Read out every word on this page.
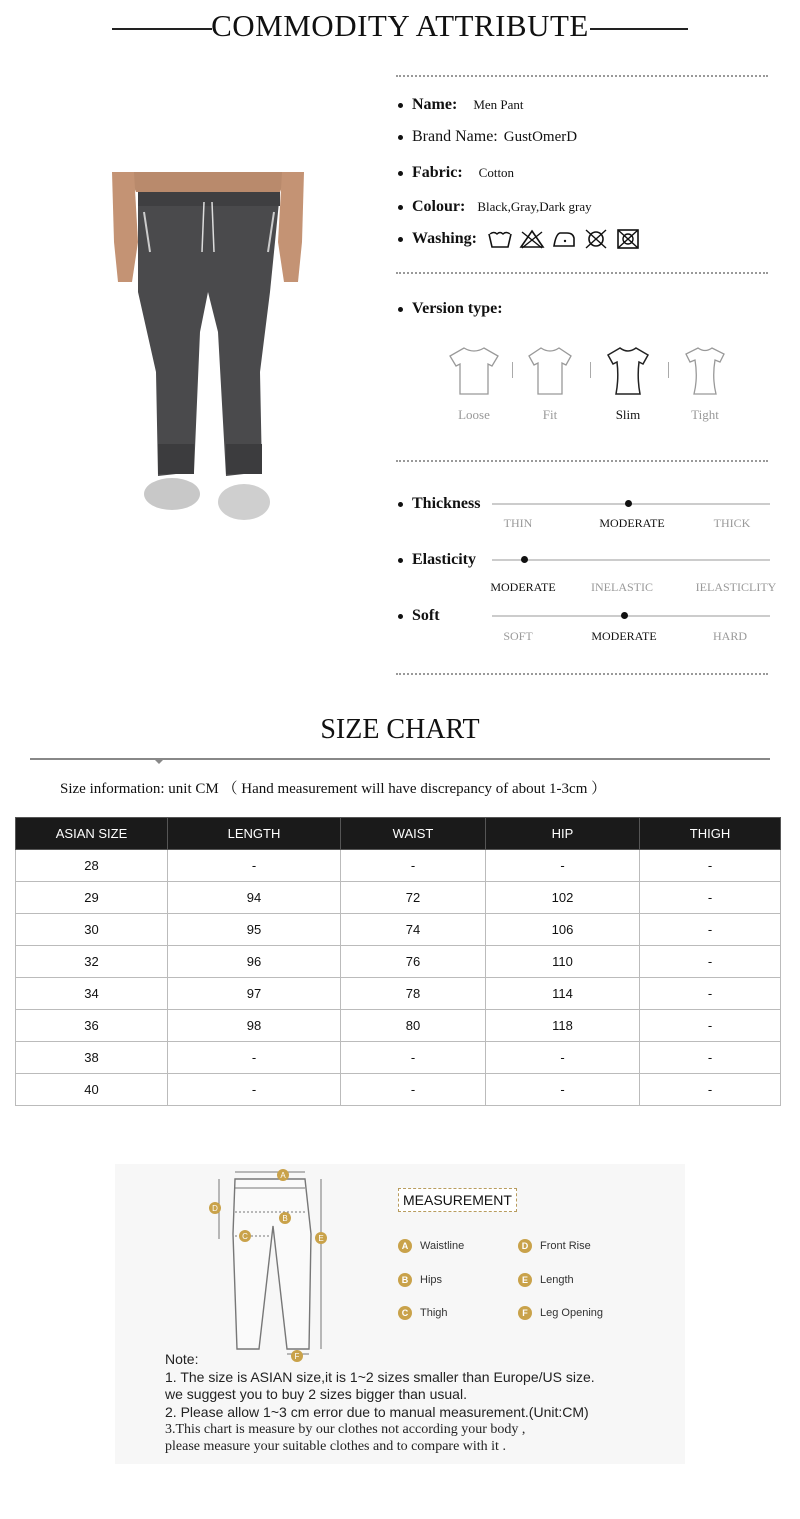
COMMODITY ATTRIBUTE
Name: Men Pant
Brand Name: GustOmerD
Fabric: Cotton
Colour: Black,Gray,Dark gray
Washing:
Version type:
Loose	Fit	Slim	Tight
Thickness
THIN	MODERATE	THICK
Elasticity
MODERATE	INELASTIC	IELASTICLITY
Soft
SOFT	MODERATE	HARD
SIZE CHART
Size information: unit CM （ Hand measurement will have discrepancy of about 1-3cm ）
ASIAN SIZE	LENGTH	WAIST	HIP	THIGH
28	-	-	-	-
29	94	72	102	-
30	95	74	106	-
32	96	76	110	-
34	97	78	114	-
36	98	80	118	-
38	-	-	-	-
40	-	-	-	-
A
B
C
D
E
F
MEASUREMENT
A	Waistline	D	Front Rise
B	Hips	E	Length
C	Thigh	F	Leg Opening
Note:
1. The size is ASIAN size,it is 1~2 sizes smaller than Europe/US size.
we suggest you to buy 2 sizes bigger than usual.
2. Please allow 1~3 cm error due to manual measurement.(Unit:CM)
3.This chart is measure by our clothes not according your body ,
please measure your suitable clothes and to compare with it .
